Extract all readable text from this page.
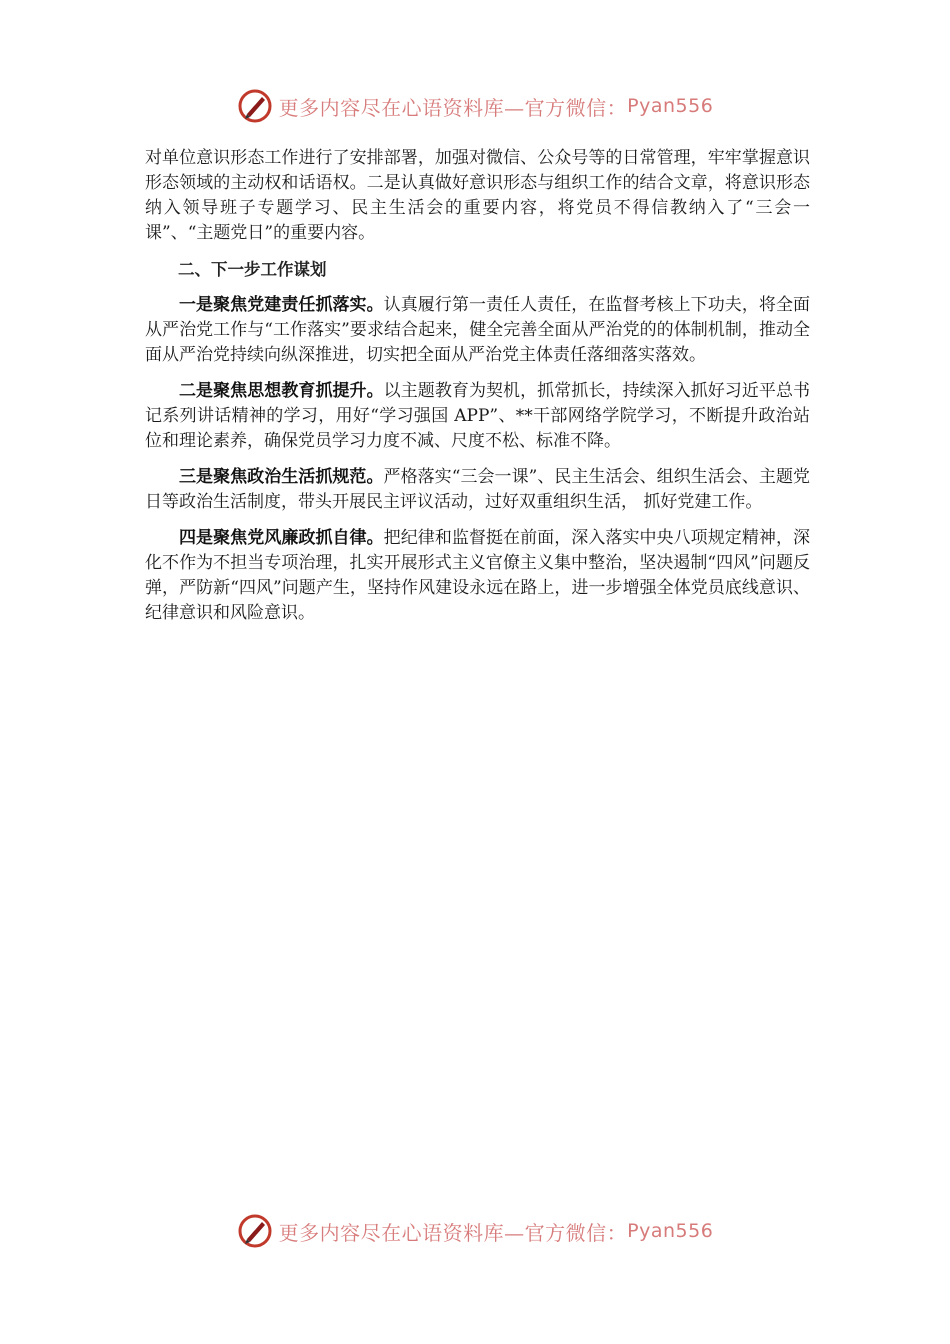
更多内容尽在心语资料库—官方微信： Pyan556

对单位意识形态工作进行了安排部署，加强对微信、公众号等的日常管理，牢牢掌握意识形态领域的主动权和话语权。二是认真做好意识形态与组织工作的结合文章，将意识形态纳入领导班子专题学习、民主生活会的重要内容，将党员不得信教纳入了“三会一课”、“主题党日”的重要内容。

二、下一步工作谋划

一是聚焦党建责任抓落实。认真履行第一责任人责任，在监督考核上下功夫，将全面从严治党工作与“工作落实”要求结合起来，健全完善全面从严治党的的体制机制，推动全面从严治党持续向纵深推进，切实把全面从严治党主体责任落细落实落效。

二是聚焦思想教育抓提升。以主题教育为契机，抓常抓长，持续深入抓好习近平总书记系列讲话精神的学习，用好“学习强国 APP”、**干部网络学院学习，不断提升政治站位和理论素养，确保党员学习力度不减、尺度不松、标准不降。

三是聚焦政治生活抓规范。严格落实“三会一课”、民主生活会、组织生活会、主题党日等政治生活制度，带头开展民主评议活动，过好双重组织生活， 抓好党建工作。

四是聚焦党风廉政抓自律。把纪律和监督挺在前面，深入落实中央八项规定精神，深化不作为不担当专项治理，扎实开展形式主义官僚主义集中整治，坚决遏制“四风”问题反弹，严防新“四风”问题产生，坚持作风建设永远在路上，进一步增强全体党员底线意识、纪律意识和风险意识。

更多内容尽在心语资料库—官方微信： Pyan556
